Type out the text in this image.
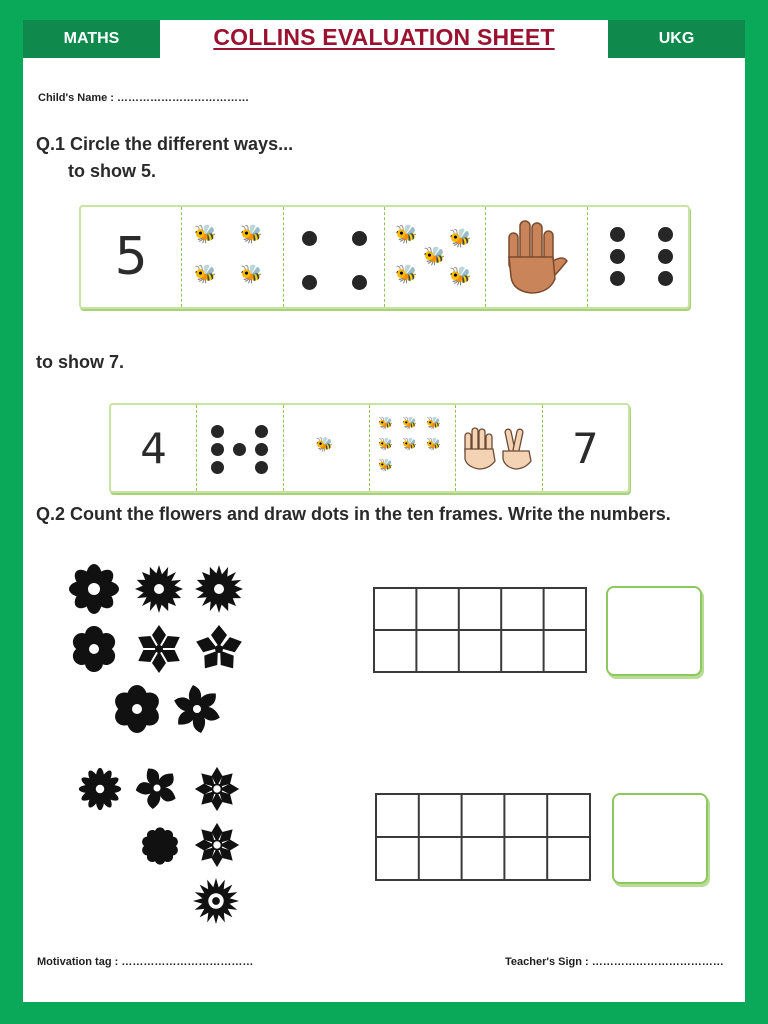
MATHS	COLLINS EVALUATION SHEET	UKG
Child's Name : ………………………………
Q.1 Circle the different ways...
to show 5.
5	🐝 🐝
🐝 🐝
🐝 🐝
🐝
🐝 🐝
to show 7.
4	🐝
🐝 🐝 🐝
🐝 🐝 🐝
🐝	7
Q.2 Count the flowers and draw dots in the ten frames. Write the numbers.
Motivation tag : ………………………………	Teacher's Sign : ………………………………
